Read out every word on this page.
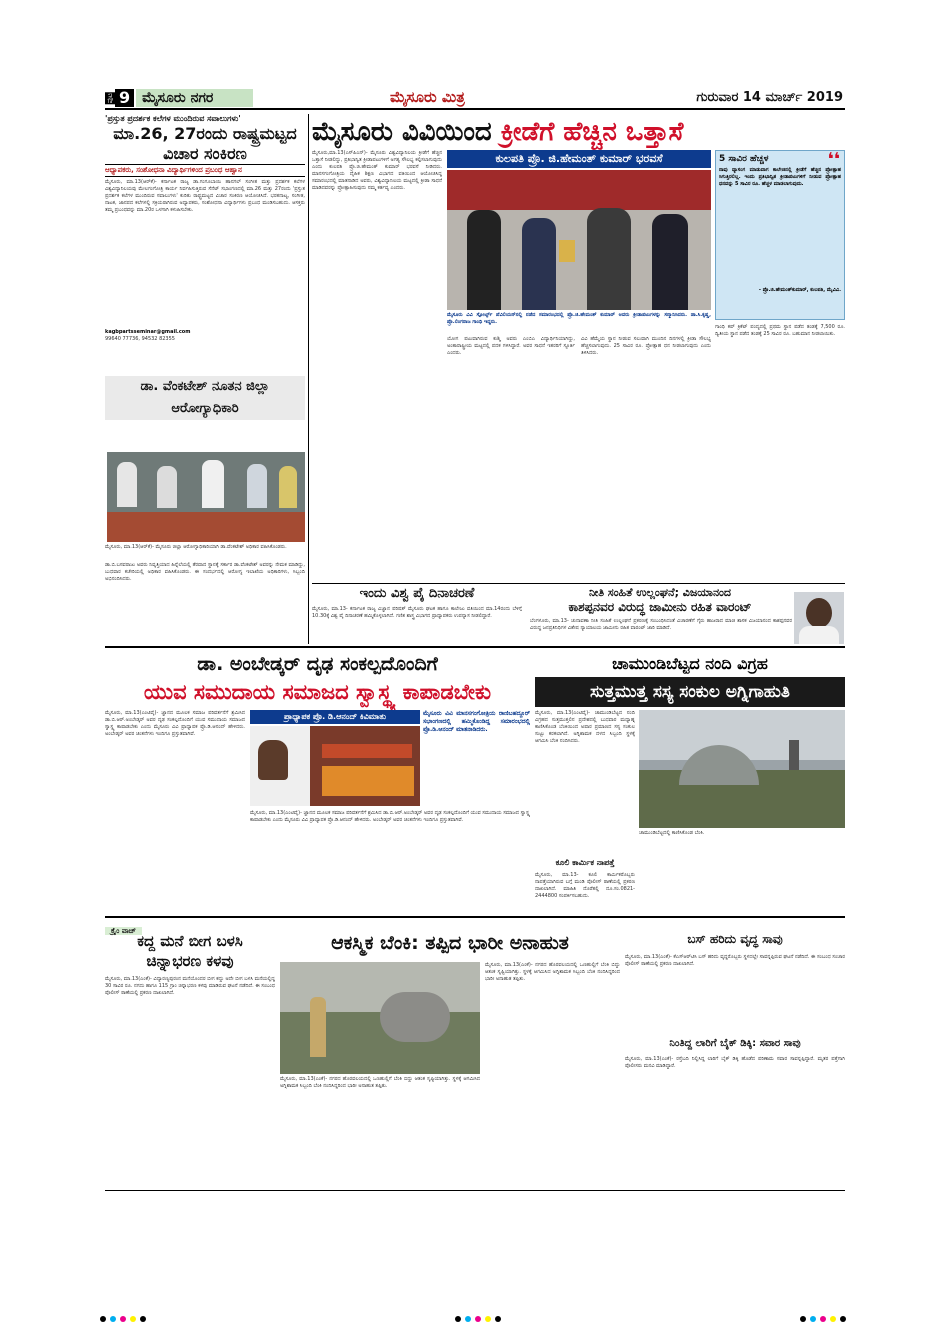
ಪುಟ 9 ಮೈಸೂರು ನಗರ	ಮೈಸೂರು ಮಿತ್ರ	ಗುರುವಾರ 14 ಮಾರ್ಚ್ 2019
'ಪ್ರಸ್ತುತ ಪ್ರದರ್ಶಕ ಕಲೆಗಳ ಮುಂದಿರುವ ಸವಾಲುಗಳು'
ಮಾ.26, 27ರಂದು ರಾಷ್ಟ್ರಮಟ್ಟದ ವಿಚಾರ ಸಂಕಿರಣ
ಆಧ್ಯಾಪಕರು, ಸಂಶೋಧನಾ ವಿದ್ಯಾರ್ಥಿಗಳಿಂದ ಪ್ರಬಂಧ ಆಹ್ವಾನ
ಮೈಸೂರು, ಮಾ.13(ಆರ್‌ಕೆ)- ಕರ್ನಾಟಕ ರಾಜ್ಯ ಡಾ.ಗಂಗೂಬಾಯಿ ಹಾನಗಲ್ ಸಂಗೀತ ಮತ್ತು ಪ್ರದರ್ಶಕ ಕಲೆಗಳ ವಿಶ್ವವಿದ್ಯಾನಿಲಯವು ಮೇಲಗಂಗೋತ್ರಿ ಕಾರ್ಯ ನಿರ್ವಹಿಸುತ್ತಿರುವ ಸೆನೆಟ್ ಸಭಾಂಗಣದಲ್ಲಿ ಮಾ.26 ಮತ್ತು 27ರಂದು 'ಪ್ರಸ್ತುತ ಪ್ರದರ್ಶಕ ಕಲೆಗಳ ಮುಂದಿರುವ ಸವಾಲುಗಳು' ಕುರಿತು ರಾಷ್ಟ್ರಮಟ್ಟದ ವಿಚಾರ ಸಂಕಿರಣ ಆಯೋಜಿಸಿದೆ. ಭರತನಾಟ್ಯ, ಸಂಗೀತ, ನಾಟಕ, ಜಾನಪದ ಕಲೆಗಳಲ್ಲಿ ಸಕ್ರಿಯರಾಗಿರುವ ಅಧ್ಯಾಪಕರು, ಸಂಶೋಧನಾ ವಿದ್ಯಾರ್ಥಿಗಳು ಪ್ರಬಂಧ ಮಂಡಿಸಬಹುದು. ಆಸಕ್ತರು ತಮ್ಮ ಪ್ರಬಂಧವನ್ನು ಮಾ.20ರ ಒಳಗಾಗಿ ಕಳುಹಿಸಬೇಕು.
kagbpartsseminar@gmail.com
99640 77736, 94532 82355
ಡಾ. ವೆಂಕಟೇಶ್ ನೂತನ ಜಿಲ್ಲಾ ಆರೋಗ್ಯಾಧಿಕಾರಿ
ಮೈಸೂರು, ಮಾ.13(ಆರ್‌ಕೆ)- ಮೈಸೂರು ಜಿಲ್ಲಾ ಆರೋಗ್ಯಾಧಿಕಾರಿಯಾಗಿ ಡಾ.ವೆಂಕಟೇಶ್ ಅಧಿಕಾರ ವಹಿಸಿಕೊಂಡರು.
ಡಾ.ಬಿ.ಬಸವರಾಜು ಅವರು ನಿವೃತ್ತಿಯಾದ ಹಿನ್ನೆಲೆಯಲ್ಲಿ ತೆರವಾದ ಸ್ಥಾನಕ್ಕೆ ಸರ್ಕಾರ ಡಾ.ವೆಂಕಟೇಶ್ ಅವರನ್ನು ನೇಮಕ ಮಾಡಿದ್ದು, ಬುಧವಾರ ಕಚೇರಿಯಲ್ಲಿ ಅಧಿಕಾರ ವಹಿಸಿಕೊಂಡರು. ಈ ಸಂದರ್ಭದಲ್ಲಿ ಆರೋಗ್ಯ ಇಲಾಖೆಯ ಅಧಿಕಾರಿಗಳು, ಸಿಬ್ಬಂದಿ ಅಭಿನಂದಿಸಿದರು.
ಮೈಸೂರು ವಿವಿಯಿಂದ ಕ್ರೀಡೆಗೆ ಹೆಚ್ಚಿನ ಒತ್ತಾಸೆ
ಮೈಸೂರು,ಮಾ.13(ಎಸ್‌ಪಿಎನ್)- ಮೈಸೂರು ವಿಶ್ವವಿದ್ಯಾನಿಲಯ ಕ್ರೀಡೆಗೆ ಹೆಚ್ಚಿನ ಒತ್ತಾಸೆ ನೀಡಲಿದ್ದು, ಪ್ರತಿಭಾನ್ವಿತ ಕ್ರೀಡಾಪಟುಗಳಿಗೆ ಅಗತ್ಯ ಸೌಲಭ್ಯ ಕಲ್ಪಿಸಲಾಗುವುದು ಎಂದು ಕುಲಪತಿ ಪ್ರೊ.ಜಿ.ಹೇಮಂತ್ ಕುಮಾರ್ ಭರವಸೆ ನೀಡಿದರು. ಮಾನಸಗಂಗೋತ್ರಿಯ ದೈಹಿಕ ಶಿಕ್ಷಣ ವಿಭಾಗದ ವತಿಯಿಂದ ಆಯೋಜಿಸಿದ್ದ ಸಮಾರಂಭದಲ್ಲಿ ಮಾತನಾಡಿದ ಅವರು, ವಿಶ್ವವಿದ್ಯಾನಿಲಯ ಮಟ್ಟದಲ್ಲಿ ಕ್ರೀಡಾ ಸಾಧನೆ ಮಾಡಿದವರನ್ನು ಪ್ರೋತ್ಸಾಹಿಸುವುದು ನಮ್ಮ ಕರ್ತವ್ಯ ಎಂದರು.
ಕುಲಪತಿ ಪ್ರೊ. ಜಿ.ಹೇಮಂತ್ ಕುಮಾರ್ ಭರವಸೆ
ಮೈಸೂರು ವಿವಿ ಸ್ಪೋರ್ಟ್ಸ್ ಪೆವಿಲಿಯನ್‌ನಲ್ಲಿ ನಡೆದ ಸಮಾರಂಭದಲ್ಲಿ ಪ್ರೊ.ಜಿ.ಹೇಮಂತ್ ಕುಮಾರ್ ಅವರು ಕ್ರೀಡಾಪಟುಗಳನ್ನು ಸನ್ಮಾನಿಸಿದರು. ಡಾ.ಸಿ.ಕೃಷ್ಣ, ಪ್ರೊ.ಲಿಂಗರಾಜ ಗಾಂಧಿ ಇದ್ದರು.
ಯೋಗ ಪಟುವಾಗಿರುವ ಕುಶ್ಮಿ ಅವರು ಎಂಬಿಎ ವಿದ್ಯಾರ್ಥಿನಿಯಾಗಿದ್ದು, ಅಂತಾರಾಷ್ಟ್ರೀಯ ಮಟ್ಟದಲ್ಲಿ ಪದಕ ಗಳಿಸಿದ್ದಾರೆ. ಅವರ ಸಾಧನೆ ಇತರರಿಗೆ ಸ್ಫೂರ್ತಿ ಎಂದರು.
ವಿವಿ ಹೆಮ್ಮೆಯ ಸ್ಥಾನ ನೀಡುವ ಸಲುವಾಗಿ ಮುಂದಿನ ದಿನಗಳಲ್ಲಿ ಕ್ರೀಡಾ ಸೌಲಭ್ಯ ಹೆಚ್ಚಿಸಲಾಗುವುದು. 25 ಸಾವಿರ ರೂ. ಪ್ರೋತ್ಸಾಹ ಧನ ನೀಡಲಾಗುವುದು ಎಂದು ತಿಳಿಸಿದರು.
❛❛
5 ಸಾವಿರ ಹೆಚ್ಚಳ
ನಾವು ವ್ಯಾಸಂಗ ಮಾಡುವಾಗ ಕಾಲೇಜಿನಲ್ಲಿ ಕ್ರೀಡೆಗೆ ಹೆಚ್ಚಿನ ಪ್ರೋತ್ಸಾಹ ಸಿಗುತ್ತಿರಲಿಲ್ಲ. ಇಂದು ಪ್ರತಿಭಾನ್ವಿತ ಕ್ರೀಡಾಪಟುಗಳಿಗೆ ನೀಡುವ ಪ್ರೋತ್ಸಾಹ ಧನವನ್ನು 5 ಸಾವಿರ ರೂ. ಹೆಚ್ಚಳ ಮಾಡಲಾಗುವುದು.
- ಪ್ರೊ.ಜಿ.ಹೇಮಂತ್‌ಕುಮಾರ್, ಕುಲಪತಿ, ಮೈವಿವಿ.
ಗಾಂಧಿ ಕಪ್ ಕ್ರಿಕೆಟ್ ಪಂದ್ಯದಲ್ಲಿ ಪ್ರಥಮ ಸ್ಥಾನ ಪಡೆದ ತಂಡಕ್ಕೆ 7,500 ರೂ. ದ್ವಿತೀಯ ಸ್ಥಾನ ಪಡೆದ ತಂಡಕ್ಕೆ 25 ಸಾವಿರ ರೂ. ಬಹುಮಾನ ನೀಡಲಾಯಿತು.
ಇಂದು ವಿಶ್ವ ಪೈ ದಿನಾಚರಣೆ
ಮೈಸೂರು, ಮಾ.13- ಕರ್ನಾಟಕ ರಾಜ್ಯ ವಿಜ್ಞಾನ ಪರಿಷತ್ ಮೈಸೂರು ಘಟಕ ಹಾಗೂ ಕಾಲೇಜು ವತಿಯಿಂದ ಮಾ.14ರಂದು ಬೆಳಿಗ್ಗೆ 10.30ಕ್ಕೆ ವಿಶ್ವ ಪೈ ದಿನಾಚರಣೆ ಹಮ್ಮಿಕೊಳ್ಳಲಾಗಿದೆ. ಗಣಿತ ಶಾಸ್ತ್ರ ವಿಭಾಗದ ಪ್ರಾಧ್ಯಾಪಕರು ಉಪನ್ಯಾಸ ನೀಡಲಿದ್ದಾರೆ.
ನೀತಿ ಸಂಹಿತೆ ಉಲ್ಲಂಘನೆ; ವಿಜಯಾನಂದ
ಕಾಶಪ್ಪನವರ ವಿರುದ್ಧ ಜಾಮೀನು ರಹಿತ ವಾರಂಟ್
ಬೆಂಗಳೂರು, ಮಾ.13- ಚುನಾವಣಾ ನೀತಿ ಸಂಹಿತೆ ಉಲ್ಲಂಘನೆ ಪ್ರಕರಣಕ್ಕೆ ಸಂಬಂಧಿಸಿದಂತೆ ವಿಚಾರಣೆಗೆ ಗೈರು ಹಾಜರಾದ ಮಾಜಿ ಶಾಸಕ ವಿಜಯಾನಂದ ಕಾಶಪ್ಪನವರ ವಿರುದ್ಧ ಜನಪ್ರತಿನಿಧಿಗಳ ವಿಶೇಷ ನ್ಯಾಯಾಲಯ ಜಾಮೀನು ರಹಿತ ವಾರಂಟ್ ಜಾರಿ ಮಾಡಿದೆ.
ಡಾ. ಅಂಬೇಡ್ಕರ್ ದೃಢ ಸಂಕಲ್ಪದೊಂದಿಗೆ
ಯುವ ಸಮುದಾಯ ಸಮಾಜದ ಸ್ವಾಸ್ಥ್ಯ ಕಾಪಾಡಬೇಕು
ಮೈಸೂರು, ಮಾ.13(ಎಂಟಿವೈ)- ಜ್ಞಾನದ ಮೂಲಕ ಸಮಾಜ ಪರಿವರ್ತನೆಗೆ ಶ್ರಮಿಸಿದ ಡಾ.ಬಿ.ಆರ್.ಅಂಬೇಡ್ಕರ್ ಅವರ ದೃಢ ಸಂಕಲ್ಪದೊಂದಿಗೆ ಯುವ ಸಮುದಾಯ ಸಮಾಜದ ಸ್ವಾಸ್ಥ್ಯ ಕಾಪಾಡಬೇಕು ಎಂದು ಮೈಸೂರು ವಿವಿ ಪ್ರಾಧ್ಯಾಪಕ ಪ್ರೊ.ಡಿ.ಆನಂದ್ ಹೇಳಿದರು. ಅಂಬೇಡ್ಕರ್ ಅವರ ಚಿಂತನೆಗಳು ಇಂದಿಗೂ ಪ್ರಸ್ತುತವಾಗಿವೆ.
ಪ್ರಾಧ್ಯಾಪಕ ಪ್ರೊ. ಡಿ.ಆನಂದ್ ಕಿವಿಮಾತು	ಮೈಸೂರು ವಿವಿ ಮಾನಸಗಂಗೋತ್ರಿಯ ರಾಣಿಬಹದ್ದೂರ್ ಸಭಾಂಗಣದಲ್ಲಿ ಹಮ್ಮಿಕೊಂಡಿದ್ದ ಸಮಾರಂಭದಲ್ಲಿ ಪ್ರೊ.ಡಿ.ಆನಂದ್ ಮಾತನಾಡಿದರು.
ಮೈಸೂರು, ಮಾ.13(ಎಂಟಿವೈ)- ಜ್ಞಾನದ ಮೂಲಕ ಸಮಾಜ ಪರಿವರ್ತನೆಗೆ ಶ್ರಮಿಸಿದ ಡಾ.ಬಿ.ಆರ್.ಅಂಬೇಡ್ಕರ್ ಅವರ ದೃಢ ಸಂಕಲ್ಪದೊಂದಿಗೆ ಯುವ ಸಮುದಾಯ ಸಮಾಜದ ಸ್ವಾಸ್ಥ್ಯ ಕಾಪಾಡಬೇಕು ಎಂದು ಮೈಸೂರು ವಿವಿ ಪ್ರಾಧ್ಯಾಪಕ ಪ್ರೊ.ಡಿ.ಆನಂದ್ ಹೇಳಿದರು. ಅಂಬೇಡ್ಕರ್ ಅವರ ಚಿಂತನೆಗಳು ಇಂದಿಗೂ ಪ್ರಸ್ತುತವಾಗಿವೆ.
ಚಾಮುಂಡಿಬೆಟ್ಟದ ನಂದಿ ವಿಗ್ರಹ
ಸುತ್ತಮುತ್ತ ಸಸ್ಯ ಸಂಕುಲ ಅಗ್ನಿಗಾಹುತಿ
ಮೈಸೂರು, ಮಾ.13(ಎಂಟಿವೈ)- ಚಾಮುಂಡಿಬೆಟ್ಟದ ನಂದಿ ವಿಗ್ರಹದ ಸುತ್ತಮುತ್ತಲಿನ ಪ್ರದೇಶದಲ್ಲಿ ಬುಧವಾರ ಮಧ್ಯಾಹ್ನ ಕಾಣಿಸಿಕೊಂಡ ಬೆಂಕಿಯಿಂದ ಅಪಾರ ಪ್ರಮಾಣದ ಸಸ್ಯ ಸಂಕುಲ ಸುಟ್ಟು ಕರಕಲಾಗಿದೆ. ಅಗ್ನಿಶಾಮಕ ದಳದ ಸಿಬ್ಬಂದಿ ಸ್ಥಳಕ್ಕೆ ಆಗಮಿಸಿ ಬೆಂಕಿ ನಂದಿಸಿದರು.
ಚಾಮುಂಡಿಬೆಟ್ಟದಲ್ಲಿ ಕಾಣಿಸಿಕೊಂಡ ಬೆಂಕಿ.
ಕೂಲಿ ಕಾರ್ಮಿಕ ನಾಪತ್ತೆ
ಮೈಸೂರು, ಮಾ.13- ಕೂಲಿ ಕಾರ್ಮಿಕರೊಬ್ಬರು ನಾಪತ್ತೆಯಾಗಿರುವ ಬಗ್ಗೆ ಮಂಡಿ ಪೊಲೀಸ್ ಠಾಣೆಯಲ್ಲಿ ಪ್ರಕರಣ ದಾಖಲಾಗಿದೆ. ಮಾಹಿತಿ ದೊರೆತಲ್ಲಿ ದೂ.ಸಂ.0821-2444800 ಸಂಪರ್ಕಿಸಬಹುದು.
ಕ್ರೈಂ ವಾಚ್
ಕದ್ದ ಮನೆ ಬೀಗ ಬಳಸಿ
ಚಿನ್ನಾಭರಣ ಕಳವು
ಮೈಸೂರು, ಮಾ.13(ಎಂಕೆ)- ವಿದ್ಯಾರಣ್ಯಪುರಂನ ಮನೆಯೊಂದರ ಬೀಗ ಕದ್ದು ಅದೇ ಬೀಗ ಬಳಸಿ ಮನೆಯಲ್ಲಿದ್ದ 30 ಸಾವಿರ ರೂ. ನಗದು ಹಾಗೂ 115 ಗ್ರಾಂ ಚಿನ್ನಾಭರಣ ಕಳವು ಮಾಡಿರುವ ಘಟನೆ ನಡೆದಿದೆ. ಈ ಸಂಬಂಧ ಪೊಲೀಸ್ ಠಾಣೆಯಲ್ಲಿ ಪ್ರಕರಣ ದಾಖಲಾಗಿದೆ.
ಆಕಸ್ಮಿಕ ಬೆಂಕಿ: ತಪ್ಪಿದ ಭಾರೀ ಅನಾಹುತ
ಮೈಸೂರು, ಮಾ.13(ಎಂಕೆ)- ನಗರದ ಹೊರವಲಯದಲ್ಲಿ ಒಣಹುಲ್ಲಿಗೆ ಬೆಂಕಿ ಬಿದ್ದು ಆತಂಕ ಸೃಷ್ಟಿಯಾಗಿತ್ತು. ಸ್ಥಳಕ್ಕೆ ಆಗಮಿಸಿದ ಅಗ್ನಿಶಾಮಕ ಸಿಬ್ಬಂದಿ ಬೆಂಕಿ ನಂದಿಸಿದ್ದರಿಂದ ಭಾರೀ ಅನಾಹುತ ತಪ್ಪಿತು.
ಮೈಸೂರು, ಮಾ.13(ಎಂಕೆ)- ನಗರದ ಹೊರವಲಯದಲ್ಲಿ ಒಣಹುಲ್ಲಿಗೆ ಬೆಂಕಿ ಬಿದ್ದು ಆತಂಕ ಸೃಷ್ಟಿಯಾಗಿತ್ತು. ಸ್ಥಳಕ್ಕೆ ಆಗಮಿಸಿದ ಅಗ್ನಿಶಾಮಕ ಸಿಬ್ಬಂದಿ ಬೆಂಕಿ ನಂದಿಸಿದ್ದರಿಂದ ಭಾರೀ ಅನಾಹುತ ತಪ್ಪಿತು.
ಬಸ್ ಹರಿದು ವೃದ್ಧ ಸಾವು
ಮೈಸೂರು, ಮಾ.13(ಎಂಕೆ)- ಕೆಎಸ್‌ಆರ್‌ಟಿಸಿ ಬಸ್ ಹರಿದು ವೃದ್ಧರೊಬ್ಬರು ಸ್ಥಳದಲ್ಲೇ ಸಾವನ್ನಪ್ಪಿರುವ ಘಟನೆ ನಡೆದಿದೆ. ಈ ಸಂಬಂಧ ಸಂಚಾರ ಪೊಲೀಸ್ ಠಾಣೆಯಲ್ಲಿ ಪ್ರಕರಣ ದಾಖಲಾಗಿದೆ.
ನಿಂತಿದ್ದ ಲಾರಿಗೆ ಬೈಕ್ ಡಿಕ್ಕಿ: ಸವಾರ ಸಾವು
ಮೈಸೂರು, ಮಾ.13(ಎಂಕೆ)- ರಸ್ತೆಬದಿ ನಿಲ್ಲಿಸಿದ್ದ ಲಾರಿಗೆ ಬೈಕ್ ಡಿಕ್ಕಿ ಹೊಡೆದ ಪರಿಣಾಮ ಸವಾರ ಸಾವನ್ನಪ್ಪಿದ್ದಾರೆ. ಮೃತರ ಪತ್ತೆಗಾಗಿ ಪೊಲೀಸರು ಮನವಿ ಮಾಡಿದ್ದಾರೆ.
